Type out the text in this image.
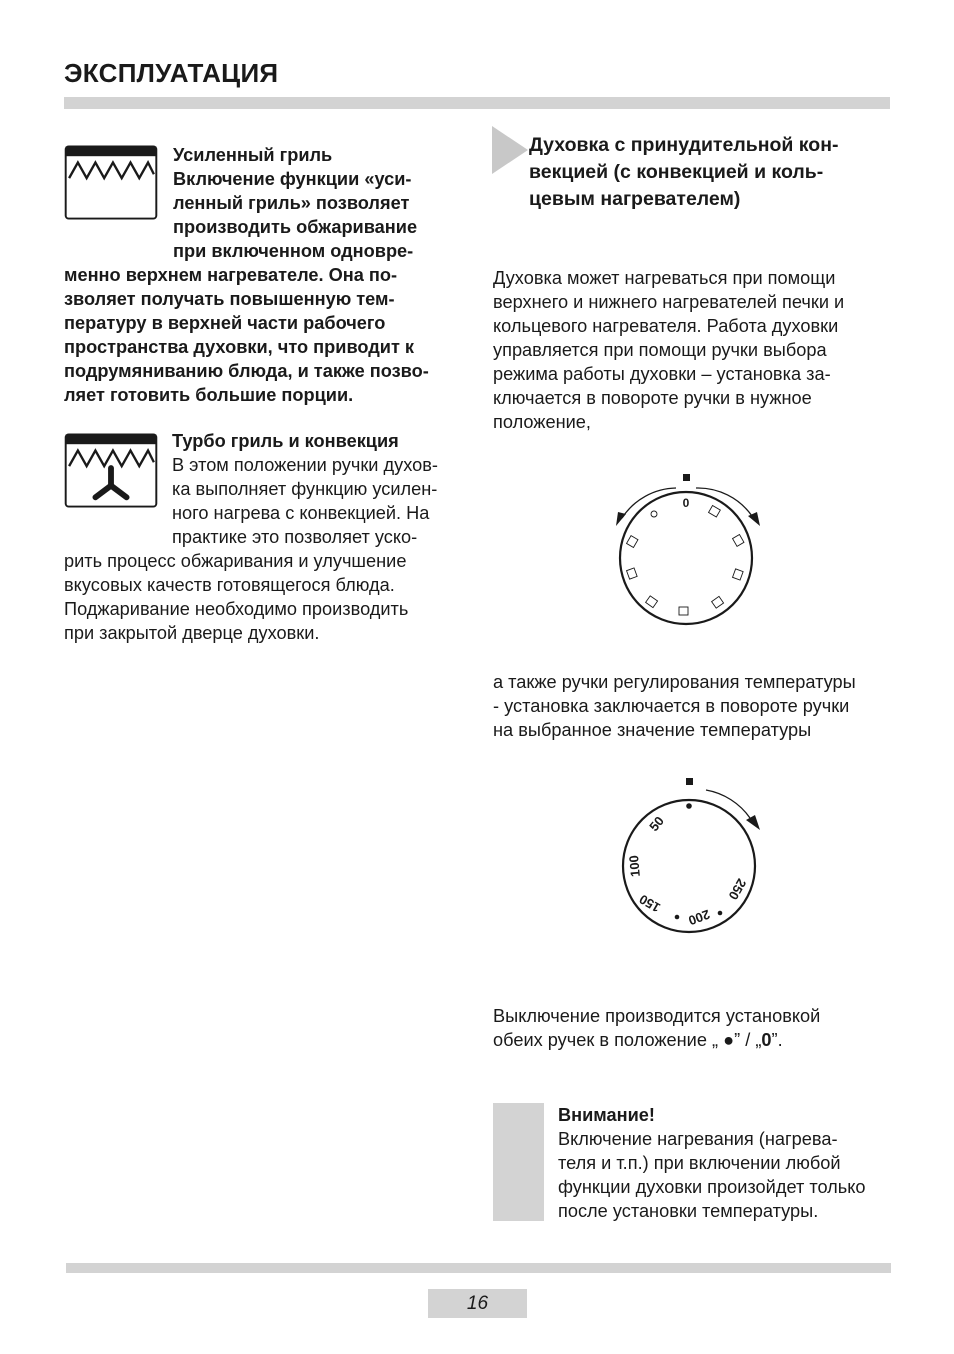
ЭКСПЛУАТАЦИЯ
Усиленный гриль

Включение функции «уси-

ленный гриль» позволяет

производить обжаривание

при включенном одновре-

менно верхнем нагревателе. Она по-

зволяет получать повышенную тем-

пературу в верхней части рабочего

пространства духовки, что приводит к

подрумяниванию блюда, и также позво-

ляет готовить большие порции.

Турбо гриль и конвекция

В этом положении ручки духов-

ка выполняет функцию усилен-

ного нагрева с конвекцией. На

практике это позволяет уско-

рить процесс обжаривания и улучшение

вкусовых качеств готовящегося блюда.

Поджаривание необходимо производить

при закрытой дверце духовки.

Духовка с принудительной кон-
векцией (с конвекцией и коль-
цевым нагревателем)

Духовка может нагреваться при помощи

верхнего и нижнего нагревателей печки и

кольцевого нагревателя. Работа духовки

управляется при помощи ручки выбора

режима работы духовки – установка за-

ключается в повороте ручки в нужное

положение,

0

а также ручки регулирования температуры

- установка заключается в повороте ручки

на выбранное значение температуры

50
100
150
200
250

Выключение производится установкой

обеих ручек в положение „ ●” / „0”.

Внимание!

Включение нагревания (нагрева-

теля и т.п.) при включении любой

функции духовки произойдет только

после установки температуры.

16
